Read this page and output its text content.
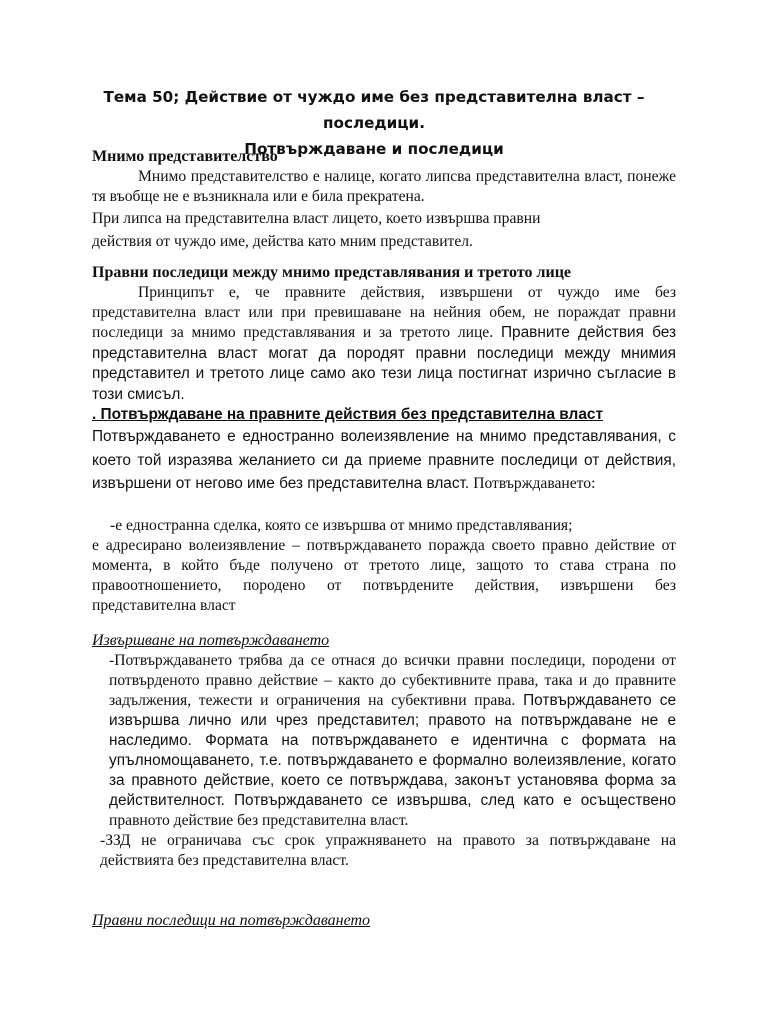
Тема 50; Действие от чуждо име без представителна власт – последици.
Потвърждаване и последици
Мнимо представителство

Мнимо представителство е налице, когато липсва представителна власт, понеже тя въобще не е възникнала или е била прекратена.

При липса на представителна власт лицето, което извършва правни

действия от чуждо име, действа като мним представител.

Правни последици между мнимо представлявания и третото лице

Принципът е, че правните действия, извършени от чуждо име без представителна власт или при превишаване на нейния обем, не пораждат правни последици за мнимо представлявания и за третото лице. Правните действия без представителна власт могат да породят правни последици между мнимия представител и третото лице само ако тези лица постигнат изрично съгласие в този смисъл.

. Потвърждаване на правните действия без представителна власт

Потвърждаването е едностранно волеизявление на мнимо представлявания, с което той изразява желанието си да приеме правните последици от действия, извършени от негово име без представителна власт. Потвърждаването:

-е едностранна сделка, която се извършва от мнимо представлявания;

е адресирано волеизявление – потвърждаването поражда своето правно действие от момента, в който бъде получено от третото лице, защото то става страна по правоотношението, породено от потвърдените действия, извършени без представителна власт

Извършване на потвърждаването

-Потвърждаването трябва да се отнася до всички правни последици, породени от потвърденото правно действие – както до субективните права, така и до правните задължения, тежести и ограничения на субективни права. Потвърждаването се извършва лично или чрез представител; правото на потвърждаване не е наследимо. Формата на потвърждаването е идентична с формата на упълномощаването, т.е. потвърждаването е формално волеизявление, когато за правното действие, което се потвърждава, законът установява форма за действителност. Потвърждаването се извършва, след като е осъществено правното действие без представителна власт.

-ЗЗД не ограничава със срок упражняването на правото за потвърждаване на действията без представителна власт.

Правни последици на потвърждаването
